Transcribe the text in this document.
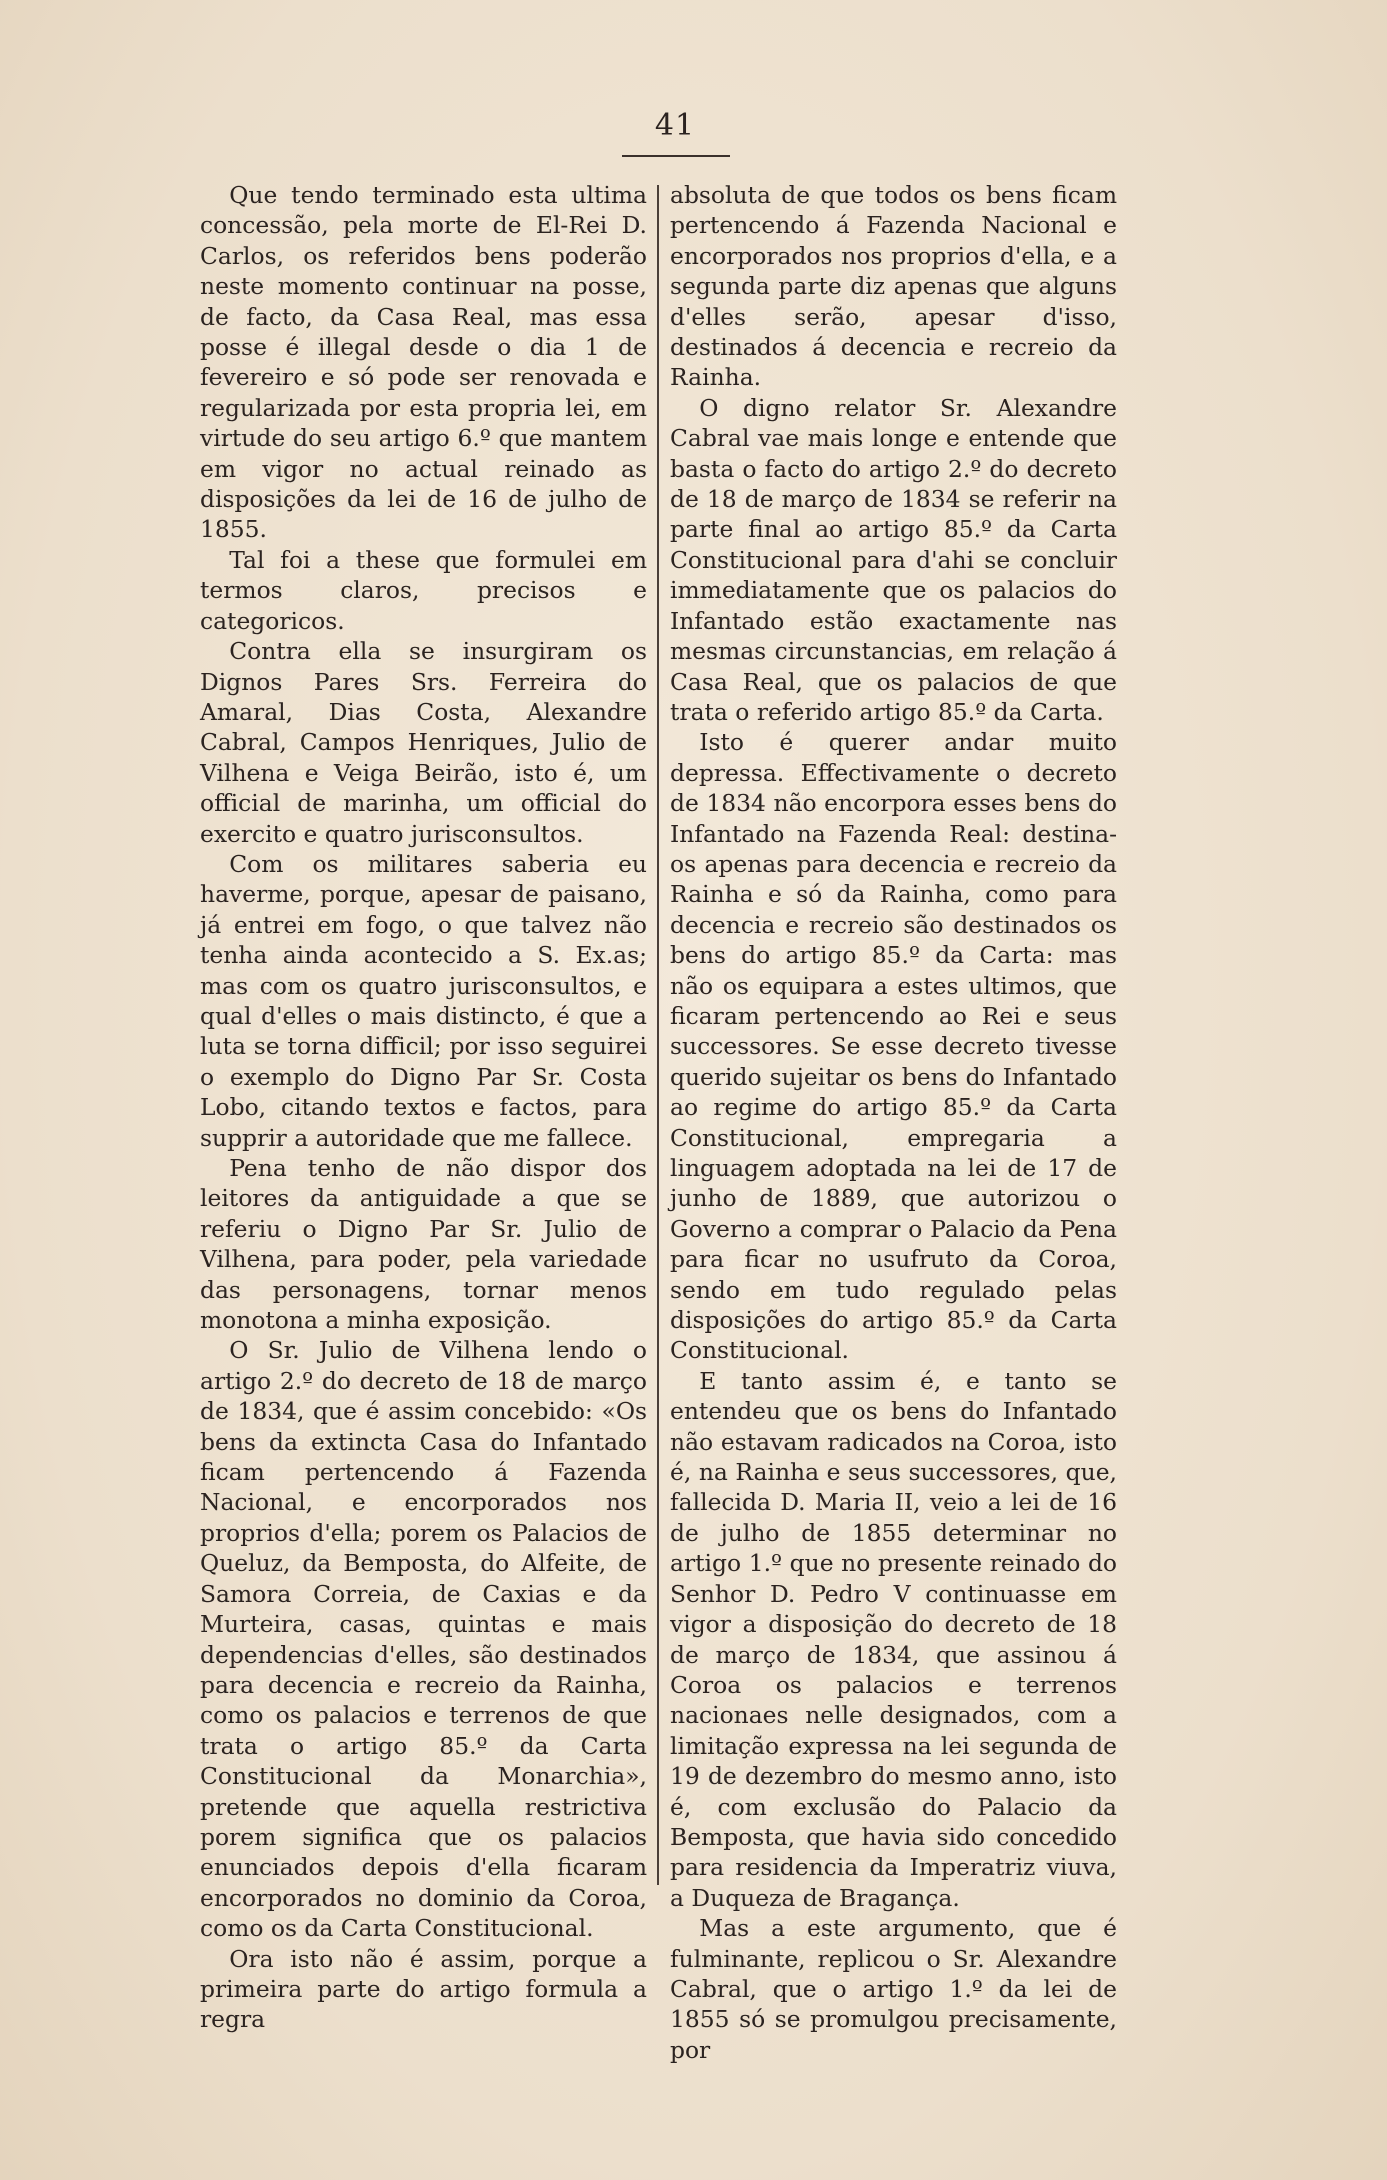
41

Que tendo terminado esta ultima concessão, pela morte de El-Rei D. Carlos, os referidos bens poderão neste momento continuar na posse, de facto, da Casa Real, mas essa posse é illegal desde o dia 1 de fevereiro e só pode ser renovada e regularizada por esta propria lei, em virtude do seu artigo 6.º que mantem em vigor no actual reinado as disposições da lei de 16 de julho de 1855.

Tal foi a these que formulei em termos claros, precisos e categoricos.

Contra ella se insurgiram os Dignos Pares Srs. Ferreira do Amaral, Dias Costa, Alexandre Cabral, Campos Henriques, Julio de Vilhena e Veiga Beirão, isto é, um official de marinha, um official do exercito e quatro jurisconsultos.

Com os militares saberia eu haverme, porque, apesar de paisano, já entrei em fogo, o que talvez não tenha ainda acontecido a S. Ex.as; mas com os quatro jurisconsultos, e qual d'elles o mais distincto, é que a luta se torna difficil; por isso seguirei o exemplo do Digno Par Sr. Costa Lobo, citando textos e factos, para supprir a autoridade que me fallece.

Pena tenho de não dispor dos leitores da antiguidade a que se referiu o Digno Par Sr. Julio de Vilhena, para poder, pela variedade das personagens, tornar menos monotona a minha exposição.

O Sr. Julio de Vilhena lendo o artigo 2.º do decreto de 18 de março de 1834, que é assim concebido: «Os bens da extincta Casa do Infantado ficam pertencendo á Fazenda Nacional, e encorporados nos proprios d'ella; porem os Palacios de Queluz, da Bemposta, do Alfeite, de Samora Correia, de Caxias e da Murteira, casas, quintas e mais dependencias d'elles, são destinados para decencia e recreio da Rainha, como os palacios e terrenos de que trata o artigo 85.º da Carta Constitucional da Monarchia», pretende que aquella restrictiva porem significa que os palacios enunciados depois d'ella ficaram encorporados no dominio da Coroa, como os da Carta Constitucional.

Ora isto não é assim, porque a primeira parte do artigo formula a regra

absoluta de que todos os bens ficam pertencendo á Fazenda Nacional e encorporados nos proprios d'ella, e a segunda parte diz apenas que alguns d'elles serão, apesar d'isso, destinados á decencia e recreio da Rainha.

O digno relator Sr. Alexandre Cabral vae mais longe e entende que basta o facto do artigo 2.º do decreto de 18 de março de 1834 se referir na parte final ao artigo 85.º da Carta Constitucional para d'ahi se concluir immediatamente que os palacios do Infantado estão exactamente nas mesmas circunstancias, em relação á Casa Real, que os palacios de que trata o referido artigo 85.º da Carta.

Isto é querer andar muito depressa. Effectivamente o decreto de 1834 não encorpora esses bens do Infantado na Fazenda Real: destina-os apenas para decencia e recreio da Rainha e só da Rainha, como para decencia e recreio são destinados os bens do artigo 85.º da Carta: mas não os equipara a estes ultimos, que ficaram pertencendo ao Rei e seus successores. Se esse decreto tivesse querido sujeitar os bens do Infantado ao regime do artigo 85.º da Carta Constitucional, empregaria a linguagem adoptada na lei de 17 de junho de 1889, que autorizou o Governo a comprar o Palacio da Pena para ficar no usufruto da Coroa, sendo em tudo regulado pelas disposições do artigo 85.º da Carta Constitucional.

E tanto assim é, e tanto se entendeu que os bens do Infantado não estavam radicados na Coroa, isto é, na Rainha e seus successores, que, fallecida D. Maria II, veio a lei de 16 de julho de 1855 determinar no artigo 1.º que no presente reinado do Senhor D. Pedro V continuasse em vigor a disposição do decreto de 18 de março de 1834, que assinou á Coroa os palacios e terrenos nacionaes nelle designados, com a limitação expressa na lei segunda de 19 de dezembro do mesmo anno, isto é, com exclusão do Palacio da Bemposta, que havia sido concedido para residencia da Imperatriz viuva, a Duqueza de Bragança.

Mas a este argumento, que é fulminante, replicou o Sr. Alexandre Cabral, que o artigo 1.º da lei de 1855 só se promulgou precisamente, por
